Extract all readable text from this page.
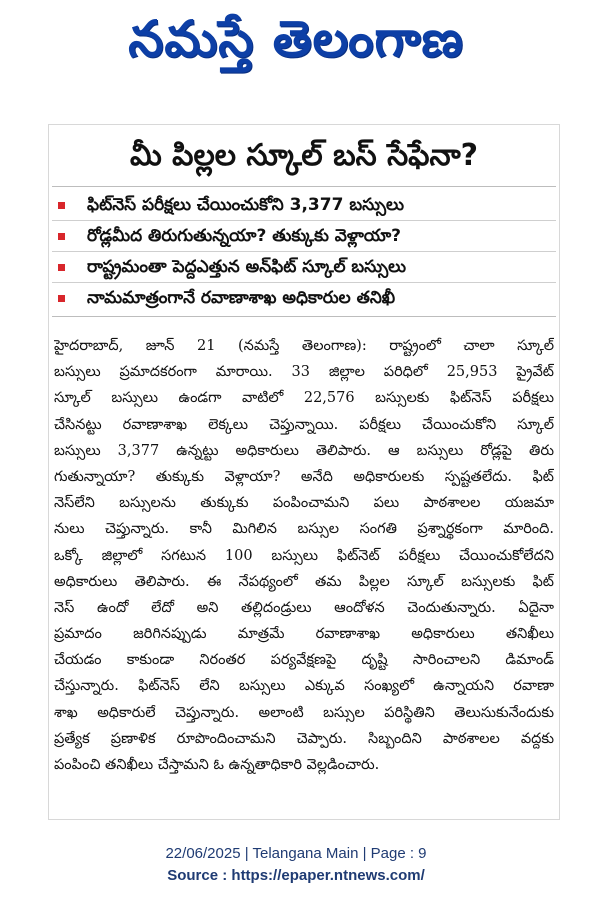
నమస్తే తెలంగాణ
మీ పిల్లల స్కూల్ బస్ సేఫేనా?
ఫిట్‌నెస్ పరీక్షలు చేయించుకోని 3,377 బస్సులు
రోడ్లమీద తిరుగుతున్నయా? తుక్కుకు వెళ్లాయా?
రాష్ట్రమంతా పెద్దఎత్తున అన్‌ఫిట్ స్కూల్ బస్సులు
నామమాత్రంగానే రవాణాశాఖ అధికారుల తనిఖీ
హైదరాబాద్, జూన్ 21 (నమస్తే తెలంగాణ): రాష్ట్రంలో చాలా స్కూల్
బస్సులు ప్రమాదకరంగా మారాయి. 33 జిల్లాల పరిధిలో 25,953 ప్రైవేట్
స్కూల్ బస్సులు ఉండగా వాటిలో 22,576 బస్సులకు ఫిట్‌నెస్ పరీక్షలు
చేసినట్టు రవాణాశాఖ లెక్కలు చెప్తున్నాయి. పరీక్షలు చేయించుకోని స్కూల్
బస్సులు 3,377 ఉన్నట్టు అధికారులు తెలిపారు. ఆ బస్సులు రోడ్లపై తిరు
గుతున్నాయా? తుక్కుకు వెళ్లాయా? అనేది అధికారులకు స్పష్టతలేదు. ఫిట్
నెస్‌లేని బస్సులను తుక్కుకు పంపించామని పలు పాఠశాలల యజమా
నులు చెప్తున్నారు. కానీ మిగిలిన బస్సుల సంగతి ప్రశ్నార్థకంగా మారింది.
ఒక్కో జిల్లాలో సగటున 100 బస్సులు ఫిట్‌నెట్ పరీక్షలు చేయించుకోలేదని
అధికారులు తెలిపారు. ఈ నేపథ్యంలో తమ పిల్లల స్కూల్ బస్సులకు ఫిట్
నెస్ ఉందో లేదో అని తల్లిదండ్రులు ఆందోళన చెందుతున్నారు. ఏదైనా
ప్రమాదం జరిగినప్పుడు మాత్రమే రవాణాశాఖ అధికారులు తనిఖీలు
చేయడం కాకుండా నిరంతర పర్యవేక్షణపై దృష్టి సారించాలని డిమాండ్
చేస్తున్నారు. ఫిట్‌నెస్ లేని బస్సులు ఎక్కువ సంఖ్యలో ఉన్నాయని రవాణా
శాఖ అధికారులే చెప్తున్నారు. అలాంటి బస్సుల పరిస్థితిని తెలుసుకునేందుకు
ప్రత్యేక ప్రణాళిక రూపొందించామని చెప్పారు. సిబ్బందిని పాఠశాలల వద్దకు
పంపించి తనిఖీలు చేస్తామని ఓ ఉన్నతాధికారి వెల్లడించారు.
22/06/2025 | Telangana Main | Page : 9
Source : https://epaper.ntnews.com/
